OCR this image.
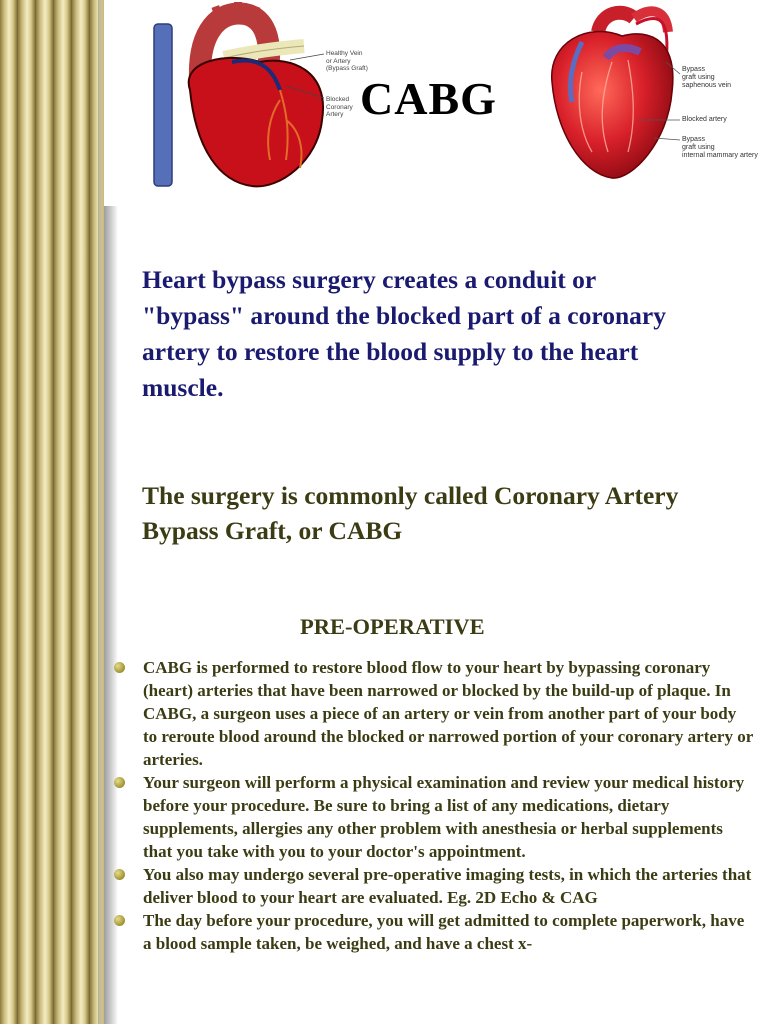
Healthy Vein
or Artery
(Bypass Graft)
Blocked
Coronary
Artery CABG
Bypass
graft using
saphenous vein
Blocked artery
Bypass
graft using
internal mammary artery

Heart bypass surgery creates a conduit or "bypass" around the blocked part of a coronary artery to restore the blood supply to the heart muscle.

The surgery is commonly called Coronary Artery Bypass Graft, or CABG

PRE-OPERATIVE
CABG is performed to restore blood flow to your heart by bypassing coronary (heart) arteries that have been narrowed or blocked by the build-up of plaque. In CABG, a surgeon uses a piece of an artery or vein from another part of your body to reroute blood around the blocked or narrowed portion of your coronary artery or arteries.
Your surgeon will perform a physical examination and review your medical history before your procedure. Be sure to bring a list of any medications, dietary supplements, allergies any other problem with anesthesia or herbal supplements that you take with you to your doctor's appointment.
You also may undergo several pre-operative imaging tests, in which the arteries that deliver blood to your heart are evaluated. Eg. 2D Echo & CAG
The day before your procedure, you will get admitted to complete paperwork, have a blood sample taken, be weighed, and have a chest x-
